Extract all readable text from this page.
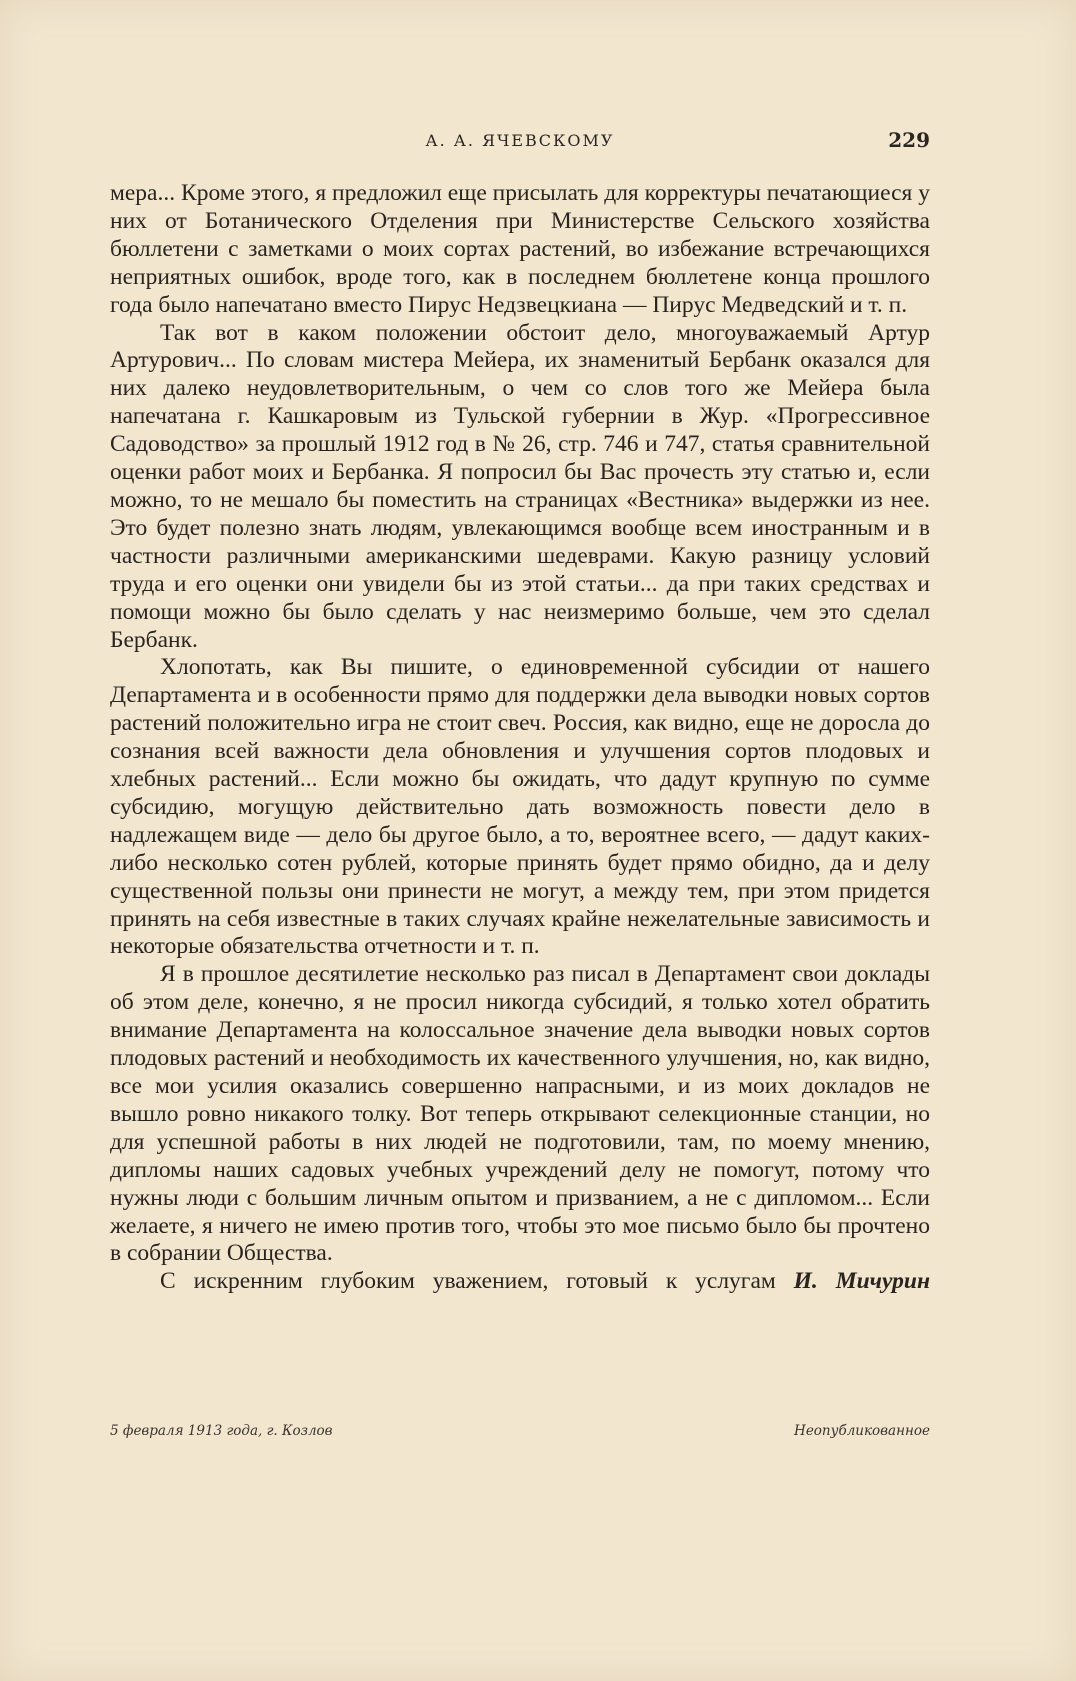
А. А. ЯЧЕВСКОМУ	229

мера... Кроме этого, я предложил еще присылать для корректуры печатающиеся у них от Ботанического Отделения при Министерстве Сельского хозяйства бюллетени с заметками о моих сортах растений, во избежание встречающихся неприятных ошибок, вроде того, как в последнем бюллетене конца прошлого года было напечатано вместо Пирус Недзвецкиана — Пирус Медведский и т. п.

Так вот в каком положении обстоит дело, многоуважаемый Артур Артурович... По словам мистера Мейера, их знаменитый Бербанк оказался для них далеко неудовлетворительным, о чем со слов того же Мейера была напечатана г. Кашкаровым из Тульской губернии в Жур. «Прогрессивное Садоводство» за прошлый 1912 год в № 26, стр. 746 и 747, статья сравнительной оценки работ моих и Бербанка. Я попросил бы Вас прочесть эту статью и, если можно, то не мешало бы поместить на страницах «Вестника» выдержки из нее. Это будет полезно знать людям, увлекающимся вообще всем иностранным и в частности различными американскими шедеврами. Какую разницу условий труда и его оценки они увидели бы из этой статьи... да при таких средствах и помощи можно бы было сделать у нас неизмеримо больше, чем это сделал Бербанк.

Хлопотать, как Вы пишите, о единовременной субсидии от нашего Департамента и в особенности прямо для поддержки дела выводки новых сортов растений положительно игра не стоит свеч. Россия, как видно, еще не доросла до сознания всей важности дела обновления и улучшения сортов плодовых и хлебных растений... Если можно бы ожидать, что дадут крупную по сумме субсидию, могущую действительно дать возможность повести дело в надлежащем виде — дело бы другое было, а то, вероятнее всего, — дадут каких-либо несколько сотен рублей, которые принять будет прямо обидно, да и делу существенной пользы они принести не могут, а между тем, при этом придется принять на себя известные в таких случаях крайне нежелательные зависимость и некоторые обязательства отчетности и т. п.

Я в прошлое десятилетие несколько раз писал в Департамент свои доклады об этом деле, конечно, я не просил никогда субсидий, я только хотел обратить внимание Департамента на колоссальное значение дела выводки новых сортов плодовых растений и необходимость их качественного улучшения, но, как видно, все мои усилия оказались совершенно напрасными, и из моих докладов не вышло ровно никакого толку. Вот теперь открывают селекционные станции, но для успешной работы в них людей не подготовили, там, по моему мнению, дипломы наших садовых учебных учреждений делу не помогут, потому что нужны люди с большим личным опытом и призванием, а не с дипломом... Если желаете, я ничего не имею против того, чтобы это мое письмо было бы прочтено в собрании Общества.

С искренним глубоким уважением, готовый к услугам И. Мичурин

5 февраля 1913 года, г. Козлов	Неопубликованное
